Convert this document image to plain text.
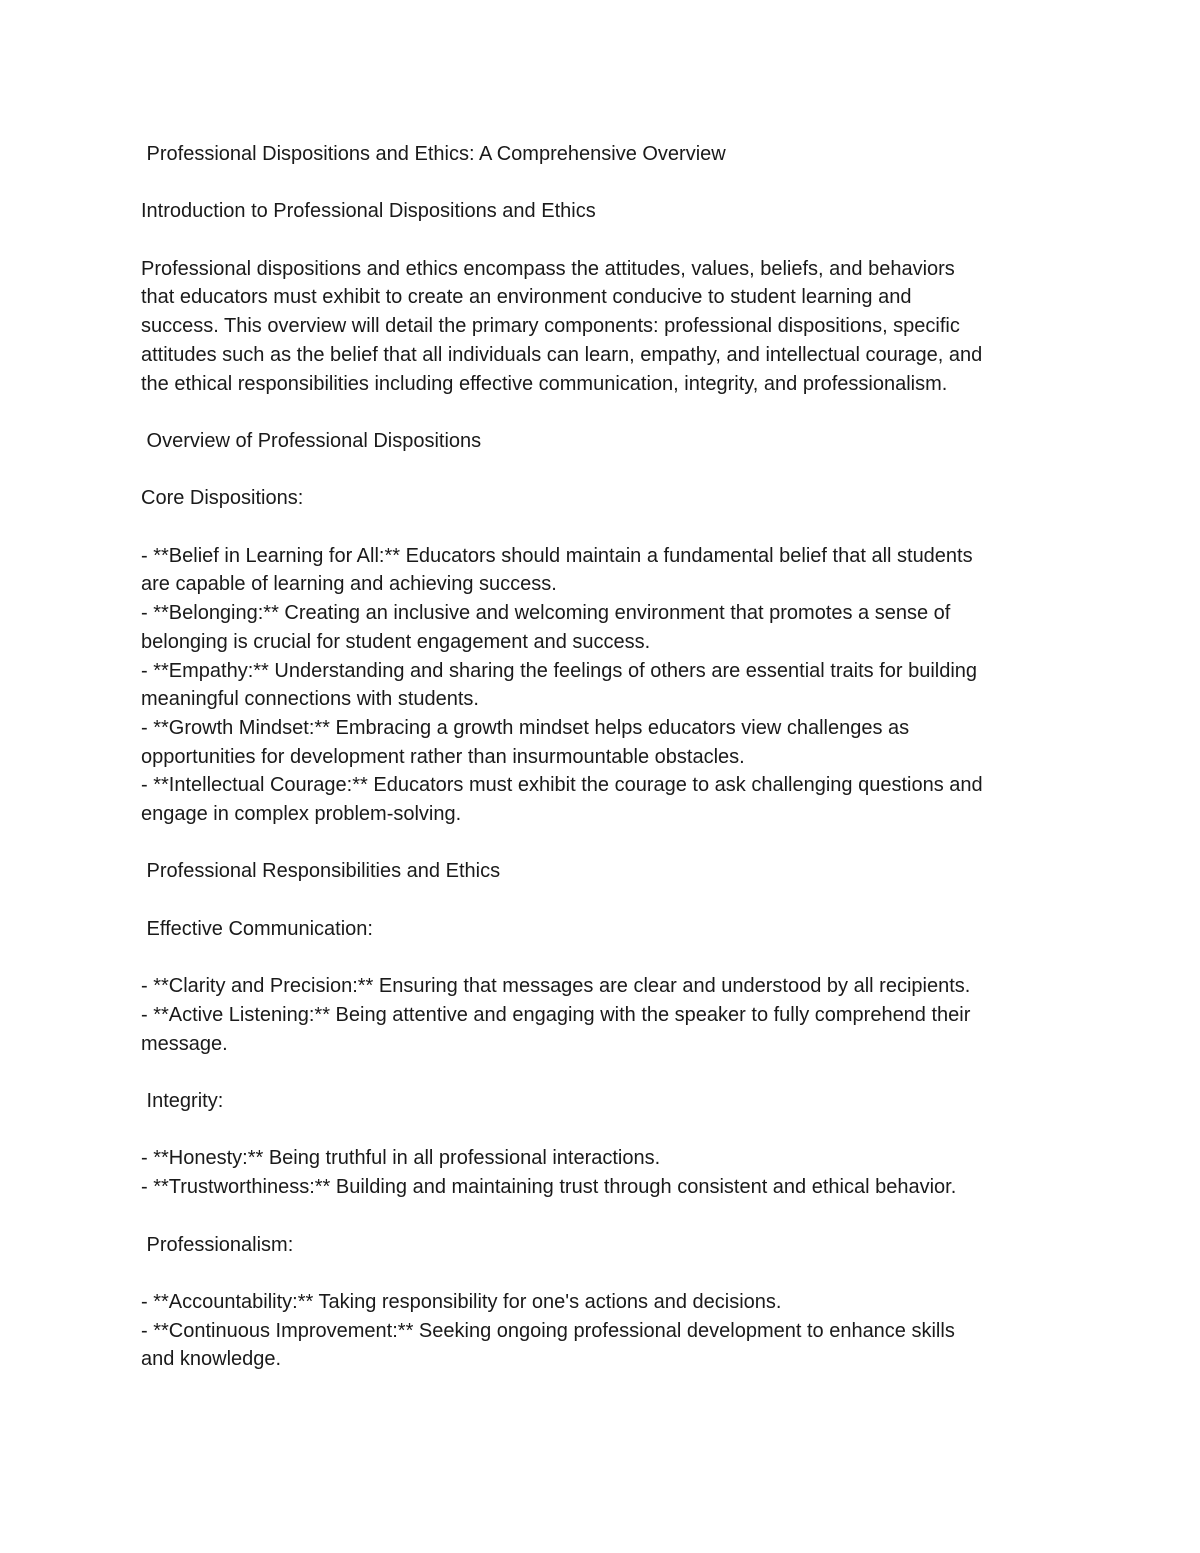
Professional Dispositions and Ethics: A Comprehensive Overview

Introduction to Professional Dispositions and Ethics

Professional dispositions and ethics encompass the attitudes, values, beliefs, and behaviors

that educators must exhibit to create an environment conducive to student learning and

success. This overview will detail the primary components: professional dispositions, specific

attitudes such as the belief that all individuals can learn, empathy, and intellectual courage, and

the ethical responsibilities including effective communication, integrity, and professionalism.

Overview of Professional Dispositions

Core Dispositions:

- **Belief in Learning for All:** Educators should maintain a fundamental belief that all students

are capable of learning and achieving success.

- **Belonging:** Creating an inclusive and welcoming environment that promotes a sense of

belonging is crucial for student engagement and success.

- **Empathy:** Understanding and sharing the feelings of others are essential traits for building

meaningful connections with students.

- **Growth Mindset:** Embracing a growth mindset helps educators view challenges as

opportunities for development rather than insurmountable obstacles.

- **Intellectual Courage:** Educators must exhibit the courage to ask challenging questions and

engage in complex problem-solving.

Professional Responsibilities and Ethics

Effective Communication:

- **Clarity and Precision:** Ensuring that messages are clear and understood by all recipients.

- **Active Listening:** Being attentive and engaging with the speaker to fully comprehend their

message.

Integrity:

- **Honesty:** Being truthful in all professional interactions.

- **Trustworthiness:** Building and maintaining trust through consistent and ethical behavior.

Professionalism:

- **Accountability:** Taking responsibility for one's actions and decisions.

- **Continuous Improvement:** Seeking ongoing professional development to enhance skills

and knowledge.
